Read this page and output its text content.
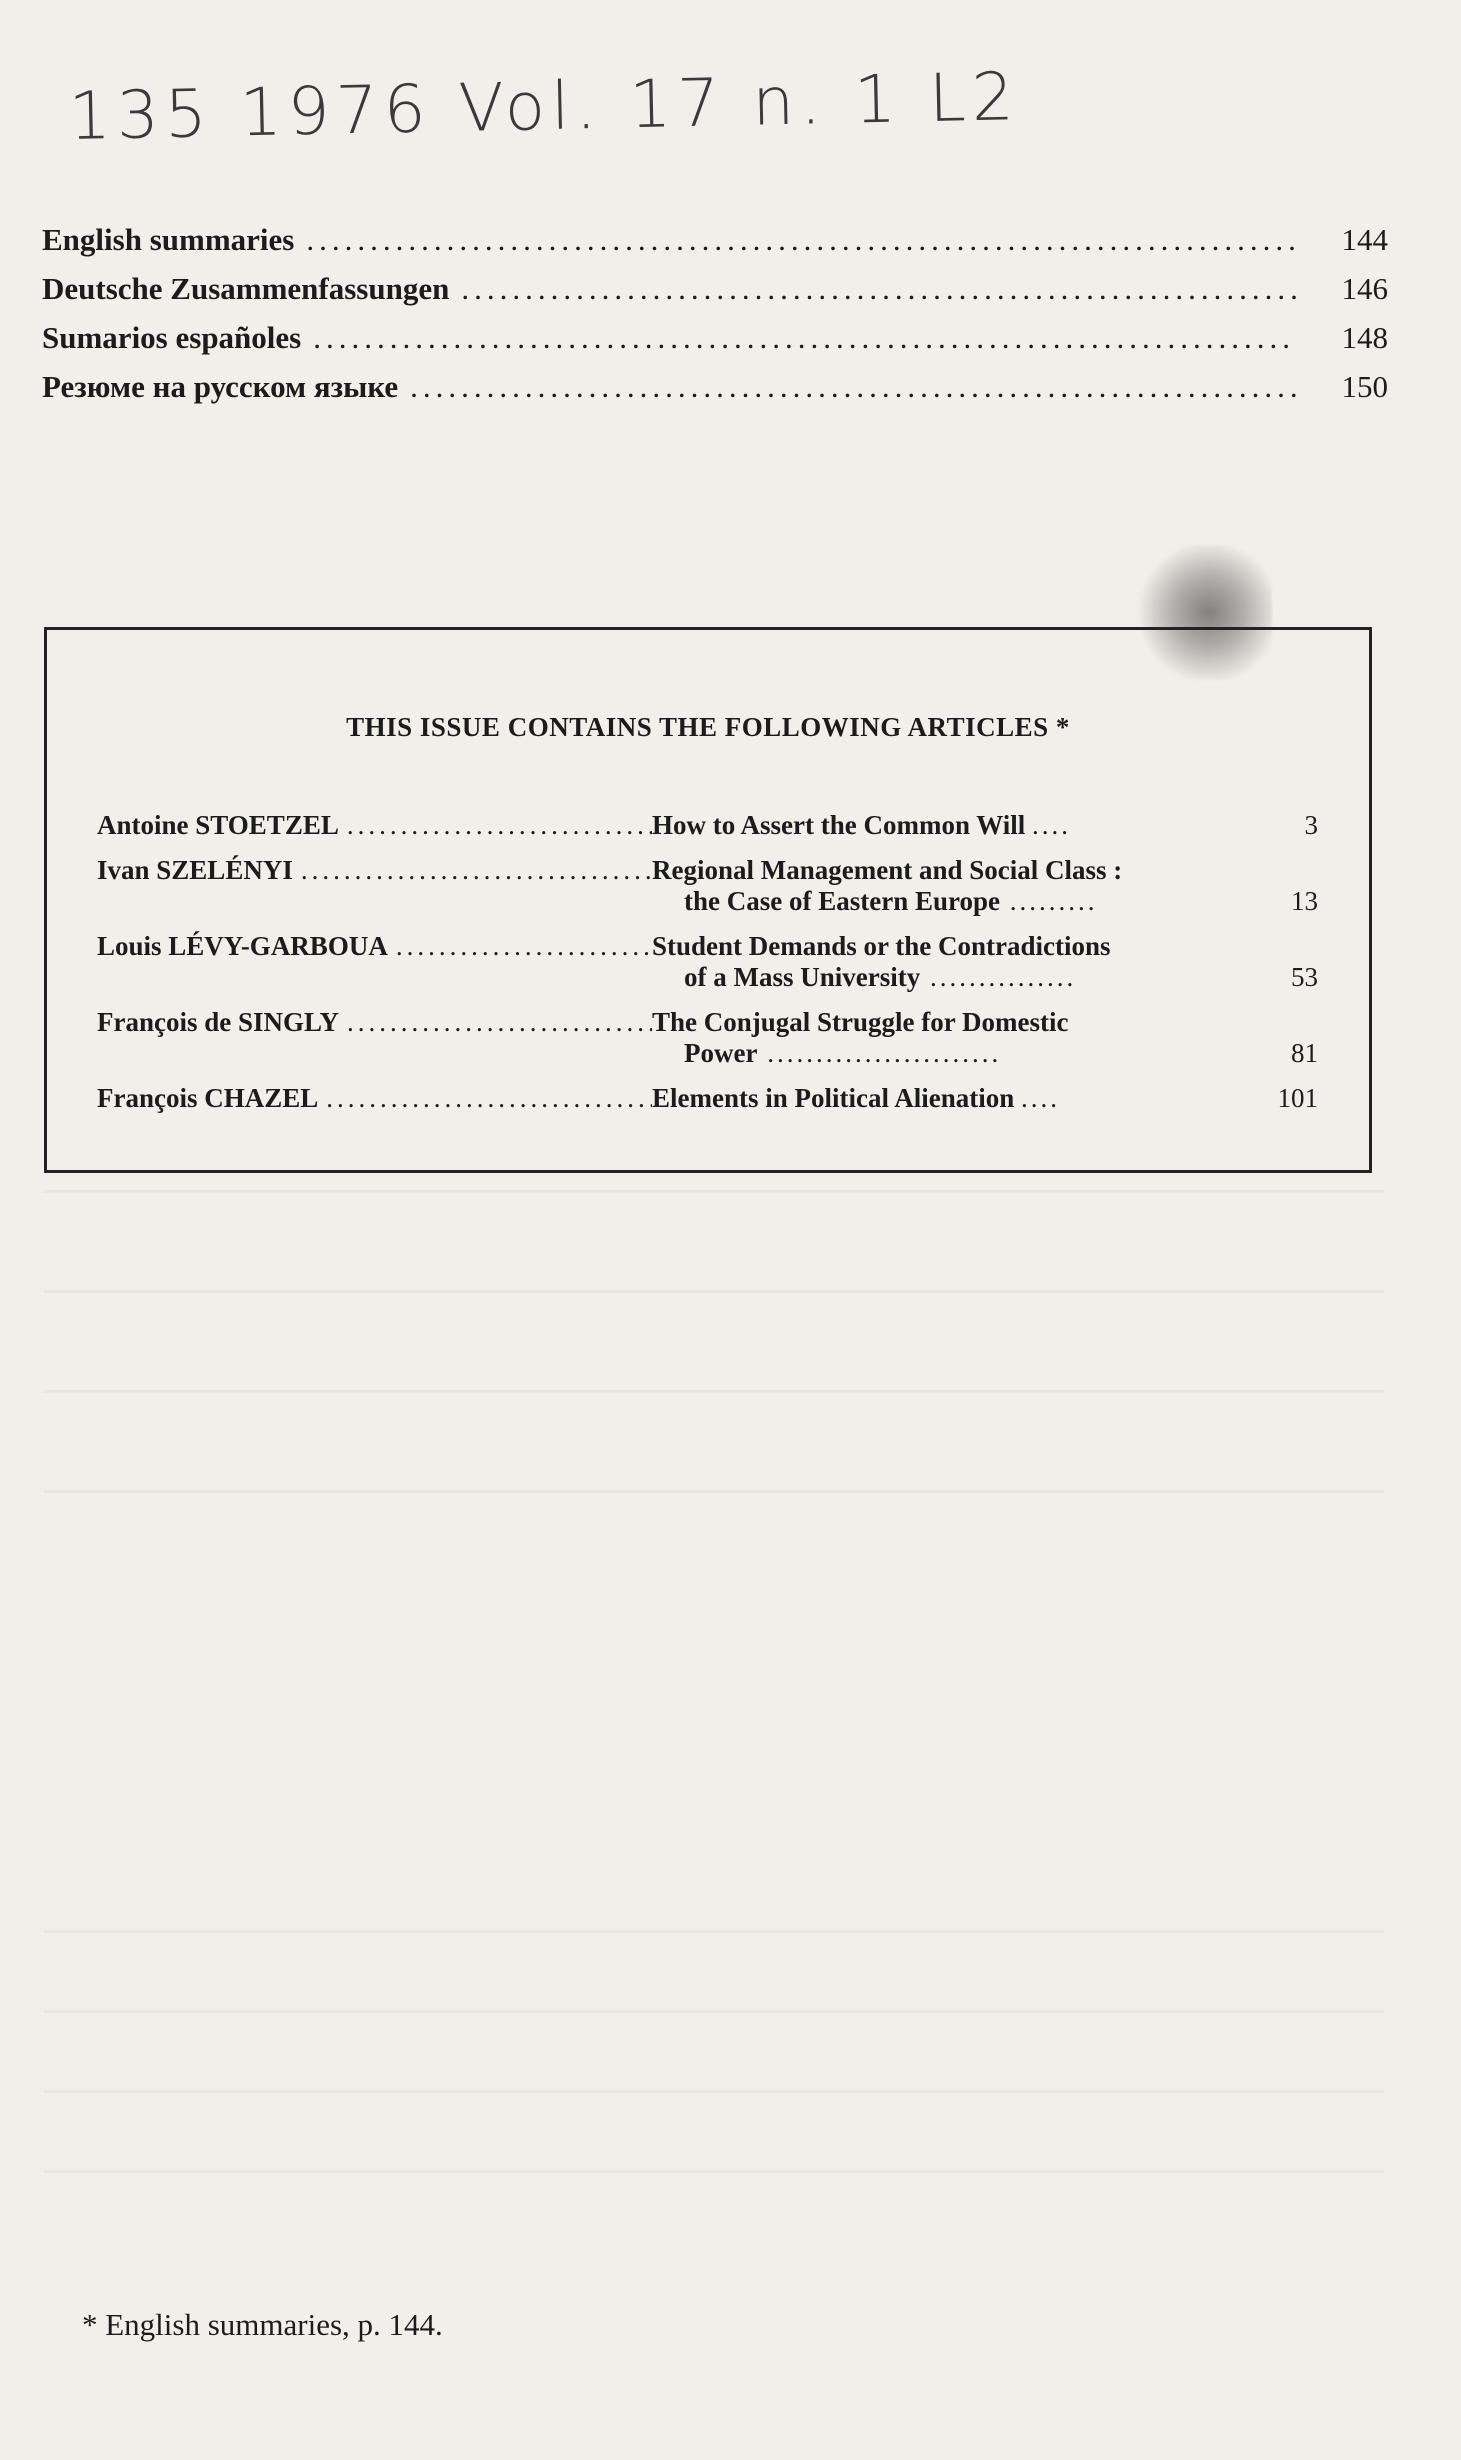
135 1976 Vol. 17 n. 1 L2
English summaries .....	144
Deutsche Zusammenfassungen .....	146
Sumarios españoles .....	148
Резюме на русском языке .....	150
THIS ISSUE CONTAINS THE FOLLOWING ARTICLES *
Antoine STOETZEL .....	How to Assert the Common Will ....	3
Ivan SZELÉNYI .....	Regional Management and Social Class :
the Case of Eastern Europe .........	13
Louis LÉVY-GARBOUA .....	Student Demands or the Contradictions
of a Mass University ...............	53
François de SINGLY .....	The Conjugal Struggle for Domestic
Power ........................	81
François CHAZEL .....	Elements in Political Alienation ....	101
* English summaries, p. 144.
